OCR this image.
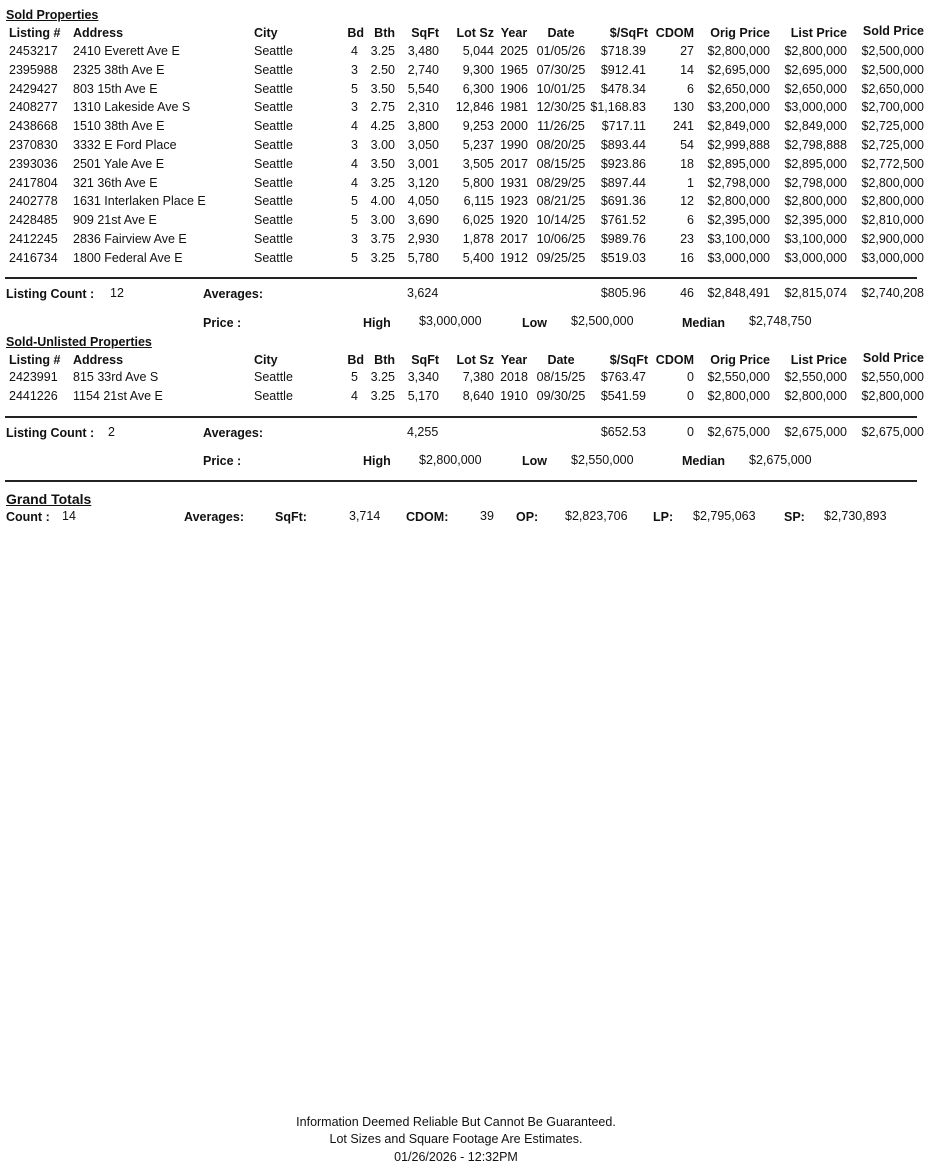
Sold Properties
Listing # Address	City	Bd Bth	SqFt	Lot Sz Year	Date	$/SqFt CDOM	Orig Price	List Price	Sold Price
2453217 2410 Everett Ave E	Seattle	4	3.25	3,480	5,044 2025 01/05/26	$718.39	27	$2,800,000	$2,800,000	$2,500,000
2395988 2325 38th Ave E	Seattle	3	2.50	2,740	9,300 1965 07/30/25	$912.41	14	$2,695,000	$2,695,000	$2,500,000
2429427 803 15th Ave E	Seattle	5	3.50	5,540	6,300 1906 10/01/25	$478.34	6	$2,650,000	$2,650,000	$2,650,000
2408277 1310 Lakeside Ave S	Seattle	3	2.75	2,310	12,846 1981 12/30/25 $1,168.83	130	$3,200,000	$3,000,000	$2,700,000
2438668 1510 38th Ave E	Seattle	4	4.25	3,800	9,253 2000 11/26/25	$717.11	241	$2,849,000	$2,849,000	$2,725,000
2370830 3332 E Ford Place	Seattle	3	3.00	3,050	5,237 1990 08/20/25	$893.44	54	$2,999,888	$2,798,888	$2,725,000
2393036 2501 Yale Ave E	Seattle	4	3.50	3,001	3,505 2017 08/15/25	$923.86	18	$2,895,000	$2,895,000	$2,772,500
2417804 321 36th Ave E	Seattle	4	3.25	3,120	5,800 1931 08/29/25	$897.44	1	$2,798,000	$2,798,000	$2,800,000
2402778 1631 Interlaken Place E	Seattle	5	4.00	4,050	6,115 1923 08/21/25	$691.36	12	$2,800,000	$2,800,000	$2,800,000
2428485 909 21st Ave E	Seattle	5	3.00	3,690	6,025 1920 10/14/25	$761.52	6	$2,395,000	$2,395,000	$2,810,000
2412245 2836 Fairview Ave E	Seattle	3	3.75	2,930	1,878 2017 10/06/25	$989.76	23	$3,100,000	$3,100,000	$2,900,000
2416734 1800 Federal Ave E	Seattle	5	3.25	5,780	5,400 1912 09/25/25	$519.03	16	$3,000,000	$3,000,000	$3,000,000
Listing Count : 12	Averages:	3,624	$805.96	46	$2,848,491	$2,815,074	$2,740,208
Price :	High $3,000,000	Low $2,500,000	Median $2,748,750
Sold-Unlisted Properties
Listing # Address	City	Bd Bth	SqFt	Lot Sz Year	Date	$/SqFt CDOM	Orig Price	List Price	Sold Price
2423991 815 33rd Ave S	Seattle	5	3.25	3,340	7,380 2018 08/15/25	$763.47	0	$2,550,000	$2,550,000	$2,550,000
2441226 1154 21st Ave E	Seattle	4	3.25	5,170	8,640 1910 09/30/25	$541.59	0	$2,800,000	$2,800,000	$2,800,000
Listing Count : 2	Averages:	4,255	$652.53	0	$2,675,000	$2,675,000	$2,675,000
Price :	High $2,800,000	Low $2,550,000	Median $2,675,000
Grand Totals
Count : 14	Averages: SqFt:	3,714 CDOM:	39 OP: $2,823,706 LP: $2,795,063 SP: $2,730,893
Information Deemed Reliable But Cannot Be Guaranteed.
Lot Sizes and Square Footage Are Estimates.
01/26/2026 - 12:32PM
